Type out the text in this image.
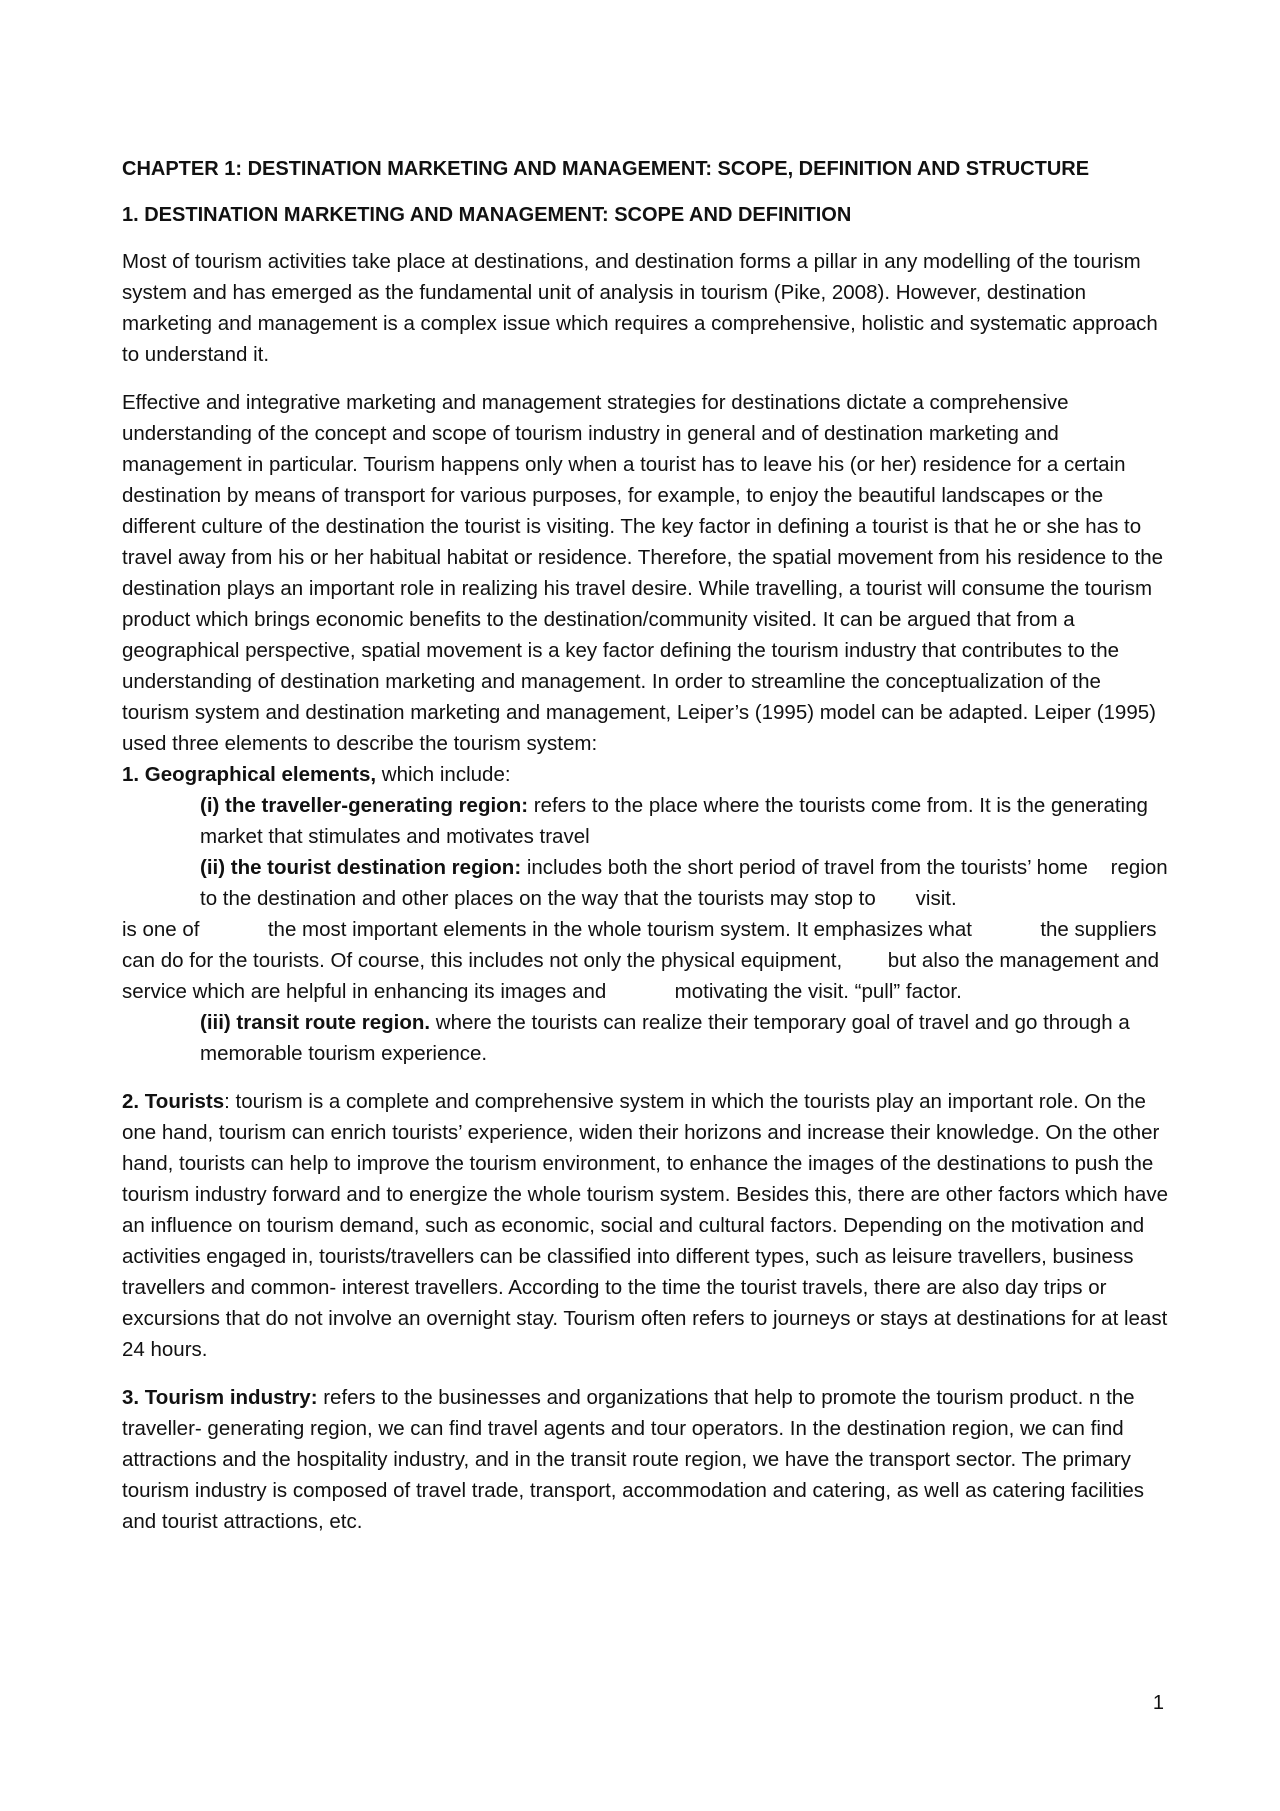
CHAPTER 1: DESTINATION MARKETING AND MANAGEMENT: SCOPE, DEFINITION AND STRUCTURE
1. DESTINATION MARKETING AND MANAGEMENT: SCOPE AND DEFINITION

Most of tourism activities take place at destinations, and destination forms a pillar in any modelling of the tourism system and has emerged as the fundamental unit of analysis in tourism (Pike, 2008). However, destination marketing and management is a complex issue which requires a comprehensive, holistic and systematic approach to understand it.

Effective and integrative marketing and management strategies for destinations dictate a comprehensive understanding of the concept and scope of tourism industry in general and of destination marketing and management in particular. Tourism happens only when a tourist has to leave his (or her) residence for a certain destination by means of transport for various purposes, for example, to enjoy the beautiful landscapes or the different culture of the destination the tourist is visiting. The key factor in defining a tourist is that he or she has to travel away from his or her habitual habitat or residence. Therefore, the spatial movement from his residence to the destination plays an important role in realizing his travel desire. While travelling, a tourist will consume the tourism product which brings economic benefits to the destination/community visited. It can be argued that from a geographical perspective, spatial movement is a key factor defining the tourism industry that contributes to the understanding of destination marketing and management. In order to streamline the conceptualization of the tourism system and destination marketing and management, Leiper’s (1995) model can be adapted. Leiper (1995) used three elements to describe the tourism system:

1. Geographical elements, which include:

(i) the traveller-generating region: refers to the place where the tourists come from. It is the generating market that stimulates and motivates travel

(ii) the tourist destination region: includes both the short period of travel from the tourists’ home    region to the destination and other places on the way that the tourists may stop to       visit.

is one of            the most important elements in the whole tourism system. It emphasizes what            the suppliers can do for the tourists. Of course, this includes not only the physical equipment,        but also the management and service which are helpful in enhancing its images and            motivating the visit. “pull” factor.

(iii) transit route region. where the tourists can realize their temporary goal of travel and go through a memorable tourism experience.

2. Tourists: tourism is a complete and comprehensive system in which the tourists play an important role. On the one hand, tourism can enrich tourists’ experience, widen their horizons and increase their knowledge. On the other hand, tourists can help to improve the tourism environment, to enhance the images of the destinations to push the tourism industry forward and to energize the whole tourism system. Besides this, there are other factors which have an influence on tourism demand, such as economic, social and cultural factors. Depending on the motivation and activities engaged in, tourists/travellers can be classified into different types, such as leisure travellers, business travellers and common- interest travellers. According to the time the tourist travels, there are also day trips or excursions that do not involve an overnight stay. Tourism often refers to journeys or stays at destinations for at least 24 hours.

3. Tourism industry: refers to the businesses and organizations that help to promote the tourism product. n the traveller- generating region, we can find travel agents and tour operators. In the destination region, we can find attractions and the hospitality industry, and in the transit route region, we have the transport sector. The primary tourism industry is composed of travel trade, transport, accommodation and catering, as well as catering facilities and tourist attractions, etc.

1
